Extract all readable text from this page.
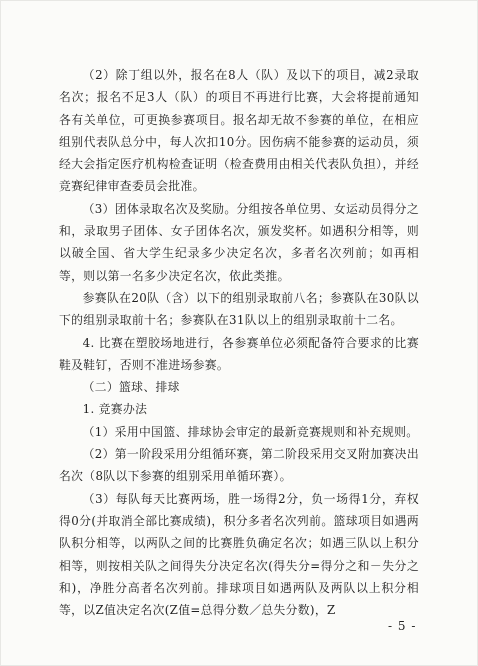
（2）除丁组以外，报名在8人（队）及以下的项目，减2录取名次；报名不足3人（队）的项目不再进行比赛，大会将提前通知各有关单位，可更换参赛项目。报名却无故不参赛的单位，在相应组别代表队总分中，每人次扣10分。因伤病不能参赛的运动员，须经大会指定医疗机构检查证明（检查费用由相关代表队负担），并经竞赛纪律审查委员会批准。

（3）团体录取名次及奖励。分组按各单位男、女运动员得分之和，录取男子团体、女子团体名次，颁发奖杯。如遇积分相等，则以破全国、省大学生纪录多少决定名次，多者名次列前；如再相等，则以第一名多少决定名次，依此类推。

参赛队在20队（含）以下的组别录取前八名；参赛队在30队以下的组别录取前十名；参赛队在31队以上的组别录取前十二名。

4. 比赛在塑胶场地进行，各参赛单位必须配备符合要求的比赛鞋及鞋钉，否则不准进场参赛。

（二）篮球、排球

1. 竞赛办法

（1）采用中国篮、排球协会审定的最新竞赛规则和补充规则。

（2）第一阶段采用分组循环赛，第二阶段采用交叉附加赛决出名次（8队以下参赛的组别采用单循环赛）。

（3）每队每天比赛两场，胜一场得2分，负一场得1分，弃权得0分(并取消全部比赛成绩)，积分多者名次列前。篮球项目如遇两队积分相等，以两队之间的比赛胜负确定名次；如遇三队以上积分相等，则按相关队之间得失分决定名次(得失分=得分之和－失分之和)，净胜分高者名次列前。排球项目如遇两队及两队以上积分相等，以Z值决定名次(Z值=总得分数／总失分数)，Z

- 5 -
